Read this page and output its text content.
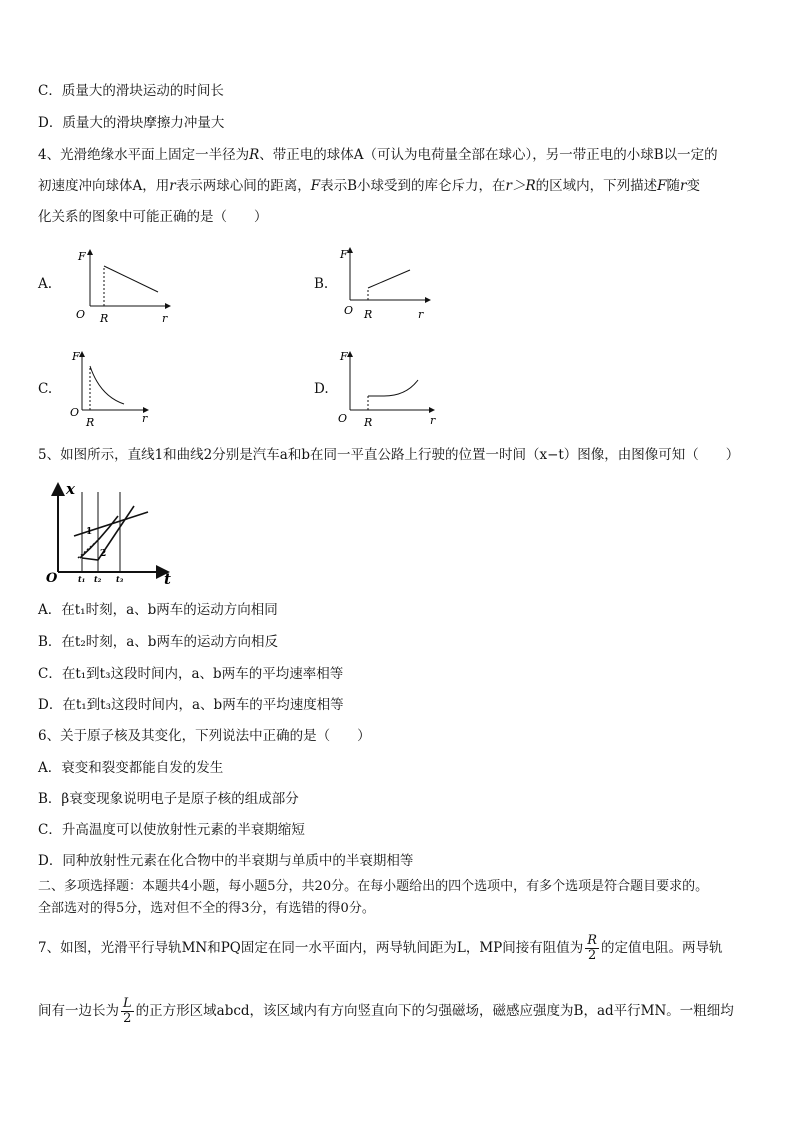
C．质量大的滑块运动的时间长
D．质量大的滑块摩擦力冲量大
4、光滑绝缘水平面上固定一半径为R、带正电的球体A（可认为电荷量全部在球心），另一带正电的小球B以一定的
初速度冲向球体A，用r表示两球心间的距离，F表示B小球受到的库仑斥力，在r＞R的区域内，下列描述F随r变
化关系的图象中可能正确的是（　　）
A.	B.
C.	D.
F
O R	r
F
O R	r
F
O
R	r
F
O R	r
5、如图所示，直线1和曲线2分别是汽车a和b在同一平直公路上行驶的位置一时间（x−t）图像，由图像可知（　　）
x
t
O	t₁ t₂ t₃
1
2
A．在t₁时刻，a、b两车的运动方向相同
B．在t₂时刻，a、b两车的运动方向相反
C．在t₁到t₃这段时间内，a、b两车的平均速率相等
D．在t₁到t₃这段时间内，a、b两车的平均速度相等
6、关于原子核及其变化，下列说法中正确的是（　　）
A．衰变和裂变都能自发的发生
B．β衰变现象说明电子是原子核的组成部分
C．升高温度可以使放射性元素的半衰期缩短
D．同种放射性元素在化合物中的半衰期与单质中的半衰期相等
二、多项选择题：本题共4小题，每小题5分，共20分。在每小题给出的四个选项中，有多个选项是符合题目要求的。
全部选对的得5分，选对但不全的得3分，有选错的得0分。
7、如图，光滑平行导轨MN和PQ固定在同一水平面内，两导轨间距为L，MP间接有阻值为 $\frac{R}{2}$ 的定值电阻。两导轨
间有一边长为 $\frac{L}{2}$ 的正方形区域abcd，该区域内有方向竖直向下的匀强磁场，磁感应强度为B，ad平行MN。一粗细均
